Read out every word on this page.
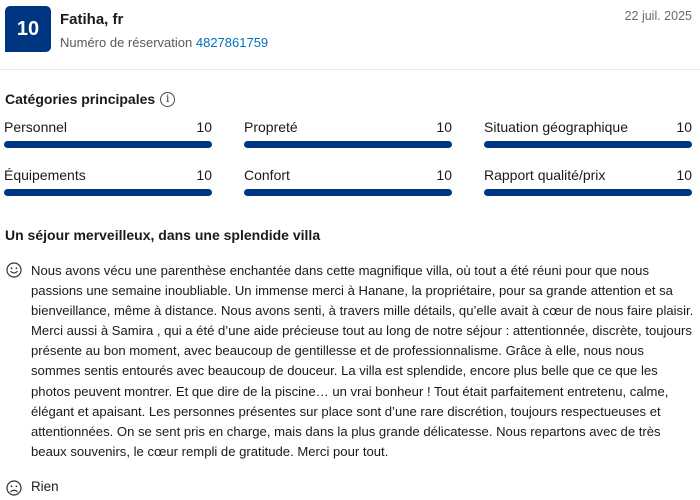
10	Fatiha, fr
Numéro de réservation 4827861759
22 juil. 2025
Catégories principales	i
Personnel	10 Propreté	10 Situation géographique	10
Équipements	10 Confort	10 Rapport qualité/prix	10
Un séjour merveilleux, dans une splendide villa
Nous avons vécu une parenthèse enchantée dans cette magnifique villa, où tout a été réuni pour que nous passions une semaine inoubliable. Un immense merci à Hanane, la propriétaire, pour sa grande attention et sa bienveillance, même à distance. Nous avons senti, à travers mille détails, qu’elle avait à cœur de nous faire plaisir. Merci aussi à Samira , qui a été d’une aide précieuse tout au long de notre séjour : attentionnée, discrète, toujours présente au bon moment, avec beaucoup de gentillesse et de professionnalisme. Grâce à elle, nous nous sommes sentis entourés avec beaucoup de douceur. La villa est splendide, encore plus belle que ce que les photos peuvent montrer. Et que dire de la piscine… un vrai bonheur ! Tout était parfaitement entretenu, calme, élégant et apaisant. Les personnes présentes sur place sont d’une rare discrétion, toujours respectueuses et attentionnées. On se sent pris en charge, mais dans la plus grande délicatesse. Nous repartons avec de très beaux souvenirs, le cœur rempli de gratitude. Merci pour tout.
Rien
